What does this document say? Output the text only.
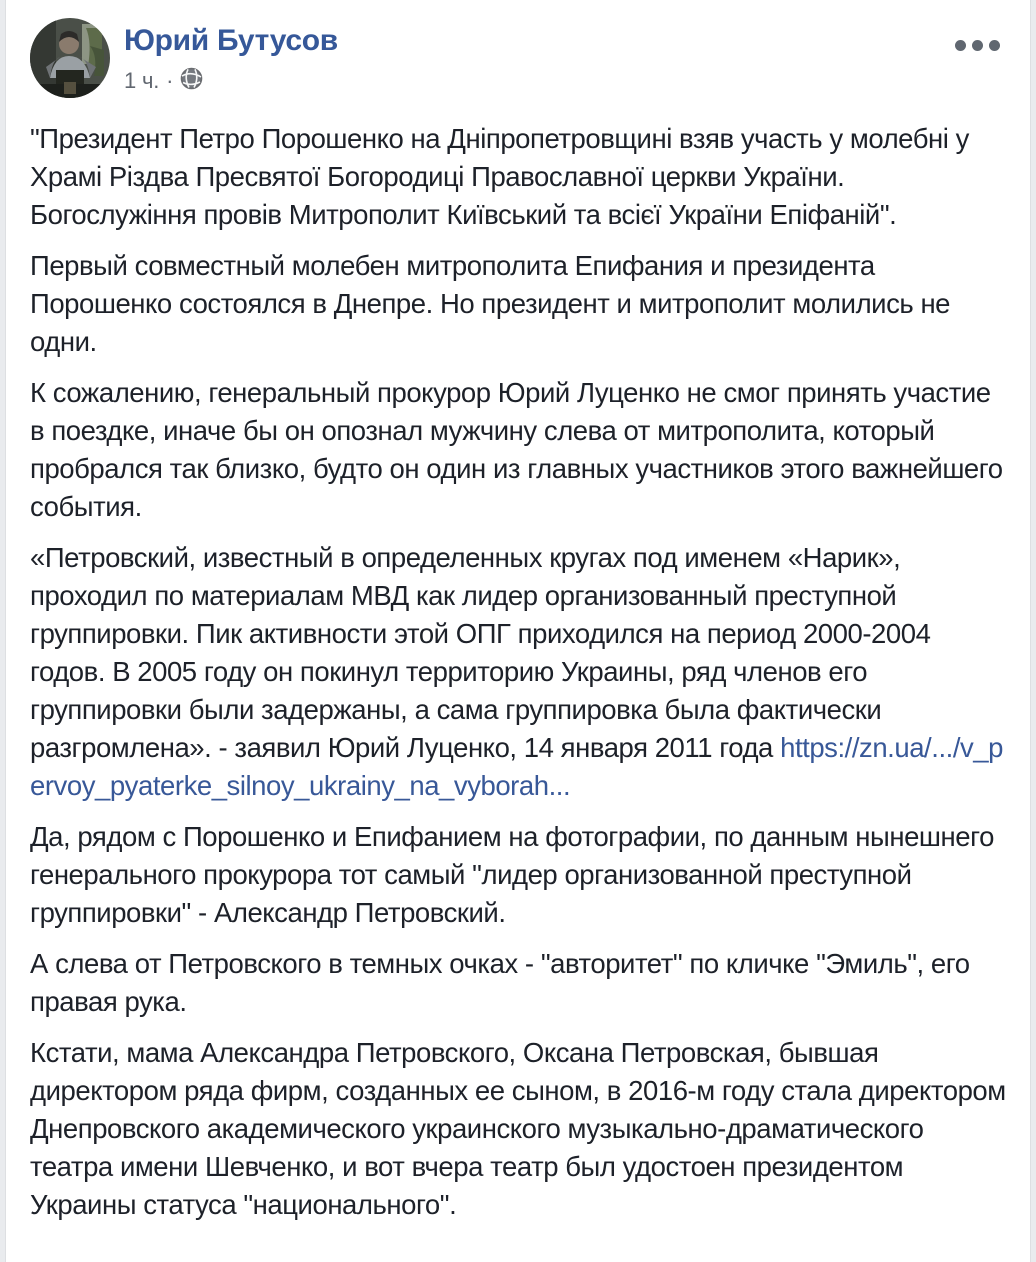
Юрий Бутусов
1 ч. ·

"Президент Петро Порошенко на Дніпропетровщині взяв участь у молебні у Храмі Різдва Пресвятої Богородиці Православної церкви України. Богослужіння провів Митрополит Київський та всієї України Епіфаній".

Первый совместный молебен митрополита Епифания и президента Порошенко состоялся в Днепре. Но президент и митрополит молились не одни.

К сожалению, генеральный прокурор Юрий Луценко не смог принять участие в поездке, иначе бы он опознал мужчину слева от митрополита, который пробрался так близко, будто он один из главных участников этого важнейшего события.

«Петровский, известный в определенных кругах под именем «Нарик», проходил по материалам МВД как лидер организованный преступной группировки. Пик активности этой ОПГ приходился на период 2000-2004 годов. В 2005 году он покинул территорию Украины, ряд членов его группировки были задержаны, а сама группировка была фактически разгромлена». - заявил Юрий Луценко, 14 января 2011 года https://zn.ua/.../v_pervoy_pyaterke_silnoy_ukrainy_na_vyborah...

Да, рядом с Порошенко и Епифанием на фотографии, по данным нынешнего генерального прокурора тот самый "лидер организованной преступной группировки" - Александр Петровский.

А слева от Петровского в темных очках - "авторитет" по кличке "Эмиль", его правая рука.

Кстати, мама Александра Петровского, Оксана Петровская, бывшая директором ряда фирм, созданных ее сыном, в 2016-м году стала директором Днепровского академического украинского музыкально-драматического театра имени Шевченко, и вот вчера театр был удостоен президентом Украины статуса "национального".
